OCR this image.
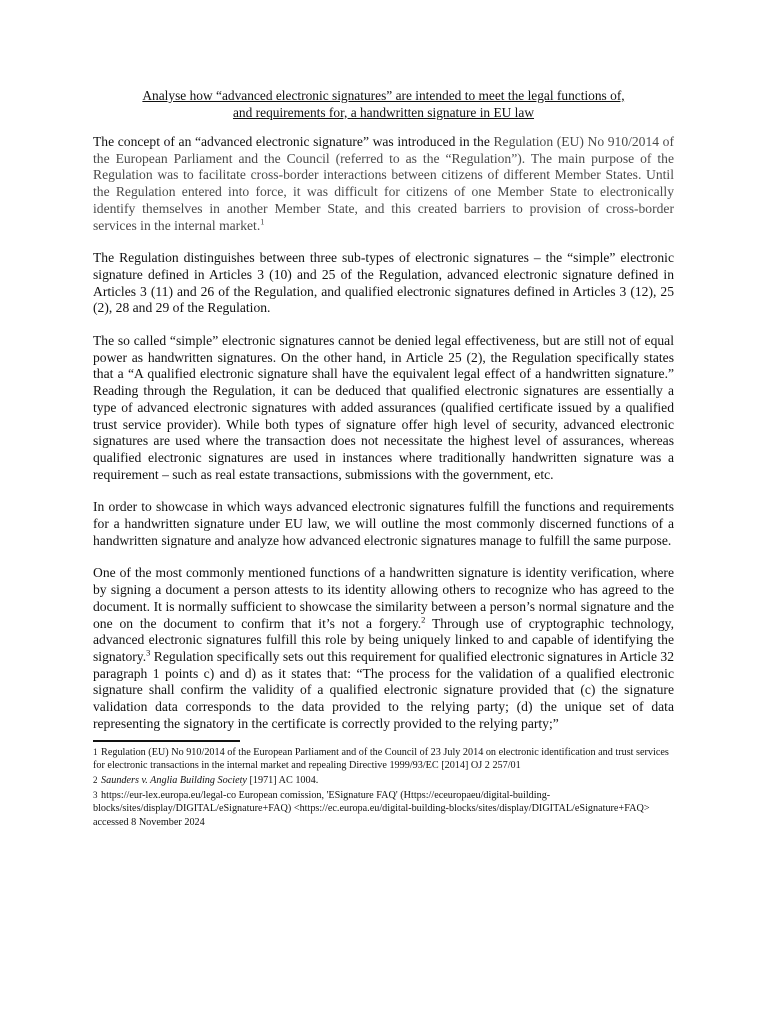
Analyse how “advanced electronic signatures” are intended to meet the legal functions of,
and requirements for, a handwritten signature in EU law

The concept of an “advanced electronic signature” was introduced in the Regulation (EU) No 910/2014 of the European Parliament and the Council (referred to as the “Regulation”). The main purpose of the Regulation was to facilitate cross-border interactions between citizens of different Member States. Until the Regulation entered into force, it was difficult for citizens of one Member State to electronically identify themselves in another Member State, and this created barriers to provision of cross-border services in the internal market.$^1$

The Regulation distinguishes between three sub-types of electronic signatures – the “simple” electronic signature defined in Articles 3 (10) and 25 of the Regulation, advanced electronic signature defined in Articles 3 (11) and 26 of the Regulation, and qualified electronic signatures defined in Articles 3 (12), 25 (2), 28 and 29 of the Regulation.

The so called “simple” electronic signatures cannot be denied legal effectiveness, but are still not of equal power as handwritten signatures. On the other hand, in Article 25 (2), the Regulation specifically states that a “A qualified electronic signature shall have the equivalent legal effect of a handwritten signature.” Reading through the Regulation, it can be deduced that qualified electronic signatures are essentially a type of advanced electronic signatures with added assurances (qualified certificate issued by a qualified trust service provider). While both types of signature offer high level of security, advanced electronic signatures are used where the transaction does not necessitate the highest level of assurances, whereas qualified electronic signatures are used in instances where traditionally handwritten signature was a requirement – such as real estate transactions, submissions with the government, etc.

In order to showcase in which ways advanced electronic signatures fulfill the functions and requirements for a handwritten signature under EU law, we will outline the most commonly discerned functions of a handwritten signature and analyze how advanced electronic signatures manage to fulfill the same purpose.

One of the most commonly mentioned functions of a handwritten signature is identity verification, where by signing a document a person attests to its identity allowing others to recognize who has agreed to the document. It is normally sufficient to showcase the similarity between a person’s normal signature and the one on the document to confirm that it’s not a forgery.$^2$ Through use of cryptographic technology, advanced electronic signatures fulfill this role by being uniquely linked to and capable of identifying the signatory.$^3$ Regulation specifically sets out this requirement for qualified electronic signatures in Article 32 paragraph 1 points c) and d) as it states that: “The process for the validation of a qualified electronic signature shall confirm the validity of a qualified electronic signature provided that (c) the signature validation data corresponds to the data provided to the relying party; (d) the unique set of data representing the signatory in the certificate is correctly provided to the relying party;”

$^1$ Regulation (EU) No 910/2014 of the European Parliament and of the Council of 23 July 2014 on electronic identification and trust services for electronic transactions in the internal market and repealing Directive 1999/93/EC [2014] OJ 2 257/01
$^2$ Saunders v. Anglia Building Society [1971] AC 1004.
$^3$ https://eur-lex.europa.eu/legal-co European comission, 'ESignature FAQ' (Https://eceuropaeu/digital-building-blocks/sites/display/DIGITAL/eSignature+FAQ) <https://ec.europa.eu/digital-building-blocks/sites/display/DIGITAL/eSignature+FAQ> accessed 8 November 2024
